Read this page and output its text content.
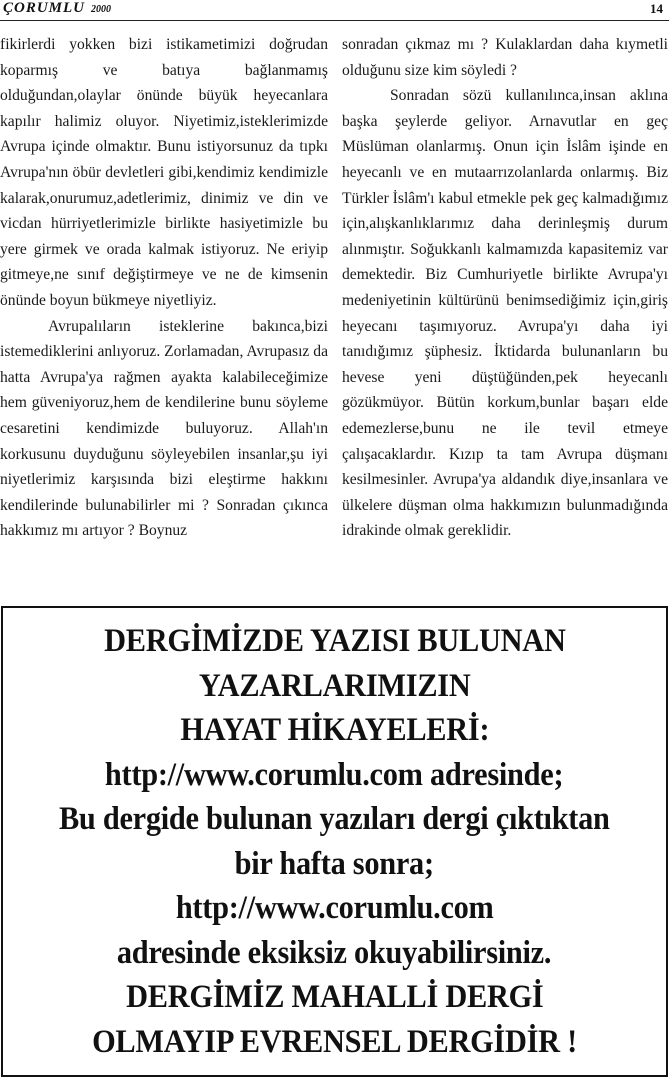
ÇORUMLU 2000	14

fikirlerdi yokken bizi istikametimizi doğrudan koparmış ve batıya bağlanmamış olduğundan,olaylar önünde büyük heyecanlara kapılır halimiz oluyor. Niyetimiz,isteklerimizde Avrupa içinde olmaktır. Bunu istiyorsunuz da tıpkı Avrupa'nın öbür devletleri gibi,kendimiz kendimizle kalarak,onurumuz,adetlerimiz, dinimiz ve din ve vicdan hürriyetlerimizle birlikte hasiyetimizle bu yere girmek ve orada kalmak istiyoruz. Ne eriyip gitmeye,ne sınıf değiştirmeye ve ne de kimsenin önünde boyun bükmeye niyetliyiz.

Avrupalıların isteklerine bakınca,bizi istemediklerini anlıyoruz. Zorlamadan, Avrupasız da hatta Avrupa'ya rağmen ayakta kalabileceğimize hem güveniyoruz,hem de kendilerine bunu söyleme cesaretini kendimizde buluyoruz. Allah'ın korkusunu duyduğunu söyleyebilen insanlar,şu iyi niyetlerimiz karşısında bizi eleştirme hakkını kendilerinde bulunabilirler mi ? Sonradan çıkınca hakkımız mı artıyor ? Boynuz

sonradan çıkmaz mı ? Kulaklardan daha kıymetli olduğunu size kim söyledi ?

Sonradan sözü kullanılınca,insan aklına başka şeylerde geliyor. Arnavutlar en geç Müslüman olanlarmış. Onun için İslâm işinde en heyecanlı ve en mutaarrızolanlarda onlarmış. Biz Türkler İslâm'ı kabul etmekle pek geç kalmadığımız için,alışkanlıklarımız daha derinleşmiş durum alınmıştır. Soğukkanlı kalmamızda kapasitemiz var demektedir. Biz Cumhuriyetle birlikte Avrupa'yı medeniyetinin kültürünü benimsediğimiz için,giriş heyecanı taşımıyoruz. Avrupa'yı daha iyi tanıdığımız şüphesiz. İktidarda bulunanların bu hevese yeni düştüğünden,pek heyecanlı gözükmüyor. Bütün korkum,bunlar başarı elde edemezlerse,bunu ne ile tevil etmeye çalışacaklardır. Kızıp ta tam Avrupa düşmanı kesilmesinler. Avrupa'ya aldandık diye,insanlara ve ülkelere düşman olma hakkımızın bulunmadığında idrakinde olmak gereklidir.

DERGİMİZDE YAZISI BULUNAN
YAZARLARIMIZIN
HAYAT HİKAYELERİ:
http://www.corumlu.com adresinde;
Bu dergide bulunan yazıları dergi çıktıktan
bir hafta sonra;
http://www.corumlu.com
adresinde eksiksiz okuyabilirsiniz.
DERGİMİZ MAHALLİ DERGİ
OLMAYIP EVRENSEL DERGİDİR !
